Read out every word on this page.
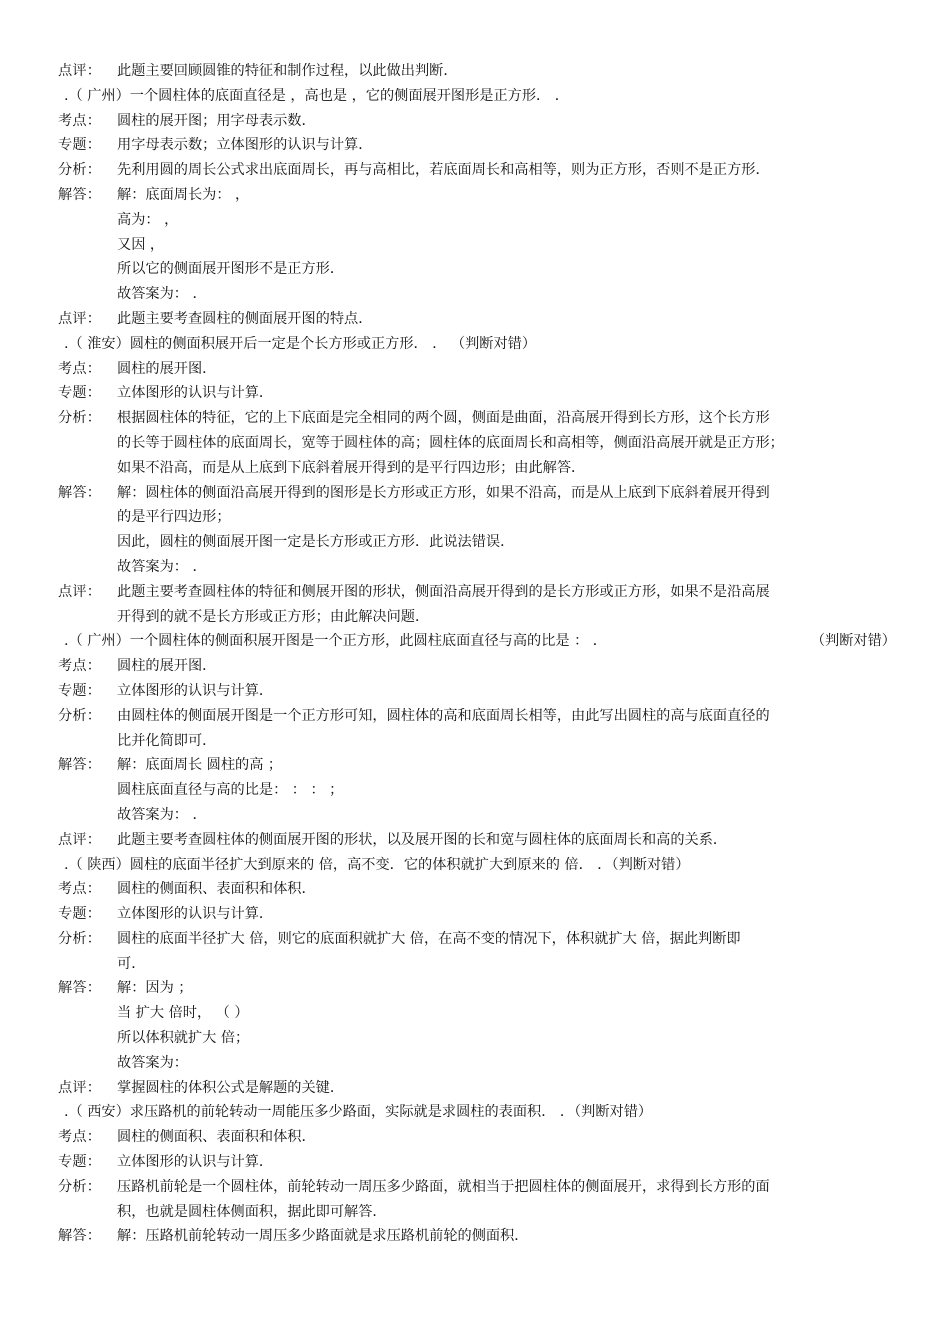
点评： 此题主要回顾圆锥的特征和制作过程，以此做出判断．
.（ 广州）一个圆柱体的底面直径是 ，高也是 ，它的侧面展开图形是正方形． ．
考点： 圆柱的展开图；用字母表示数．
专题： 用字母表示数；立体图形的认识与计算．
分析： 先利用圆的周长公式求出底面周长，再与高相比，若底面周长和高相等，则为正方形，否则不是正方形．
解答： 解：底面周长为： ，
高为： ，
又因 ，
所以它的侧面展开图形不是正方形．
故答案为： ．
点评： 此题主要考查圆柱的侧面展开图的特点．
.（ 淮安）圆柱的侧面积展开后一定是个长方形或正方形． ． （判断对错）
考点： 圆柱的展开图．
专题： 立体图形的认识与计算．
分析： 根据圆柱体的特征，它的上下底面是完全相同的两个圆，侧面是曲面，沿高展开得到长方形，这个长方形
的长等于圆柱体的底面周长，宽等于圆柱体的高；圆柱体的底面周长和高相等，侧面沿高展开就是正方形；
如果不沿高，而是从上底到下底斜着展开得到的是平行四边形；由此解答．
解答： 解：圆柱体的侧面沿高展开得到的图形是长方形或正方形，如果不沿高，而是从上底到下底斜着展开得到
的是平行四边形；
因此，圆柱的侧面展开图一定是长方形或正方形．此说法错误．
故答案为： ．
点评： 此题主要考查圆柱体的特征和侧展开图的形状，侧面沿高展开得到的是长方形或正方形，如果不是沿高展
开得到的就不是长方形或正方形；由此解决问题．
.（ 广州）一个圆柱体的侧面积展开图是一个正方形，此圆柱底面直径与高的比是 ： ．	（判断对错）
考点： 圆柱的展开图．
专题： 立体图形的认识与计算．
分析： 由圆柱体的侧面展开图是一个正方形可知，圆柱体的高和底面周长相等，由此写出圆柱的高与底面直径的
比并化简即可．
解答： 解：底面周长 圆柱的高 ；
圆柱底面直径与高的比是： ： ： ；
故答案为： ．
点评： 此题主要考查圆柱体的侧面展开图的形状，以及展开图的长和宽与圆柱体的底面周长和高的关系．
.（ 陕西）圆柱的底面半径扩大到原来的 倍，高不变．它的体积就扩大到原来的 倍． ．（判断对错）
考点： 圆柱的侧面积、表面积和体积．
专题： 立体图形的认识与计算．
分析： 圆柱的底面半径扩大 倍，则它的底面积就扩大 倍，在高不变的情况下，体积就扩大 倍，据此判断即
可．
解答： 解：因为 ；
当 扩大 倍时， （ ）
所以体积就扩大 倍；
故答案为：
点评： 掌握圆柱的体积公式是解题的关键．
.（ 西安）求压路机的前轮转动一周能压多少路面，实际就是求圆柱的表面积． ．（判断对错）
考点： 圆柱的侧面积、表面积和体积．
专题： 立体图形的认识与计算．
分析： 压路机前轮是一个圆柱体，前轮转动一周压多少路面，就相当于把圆柱体的侧面展开，求得到长方形的面
积，也就是圆柱体侧面积，据此即可解答．
解答： 解：压路机前轮转动一周压多少路面就是求压路机前轮的侧面积．
